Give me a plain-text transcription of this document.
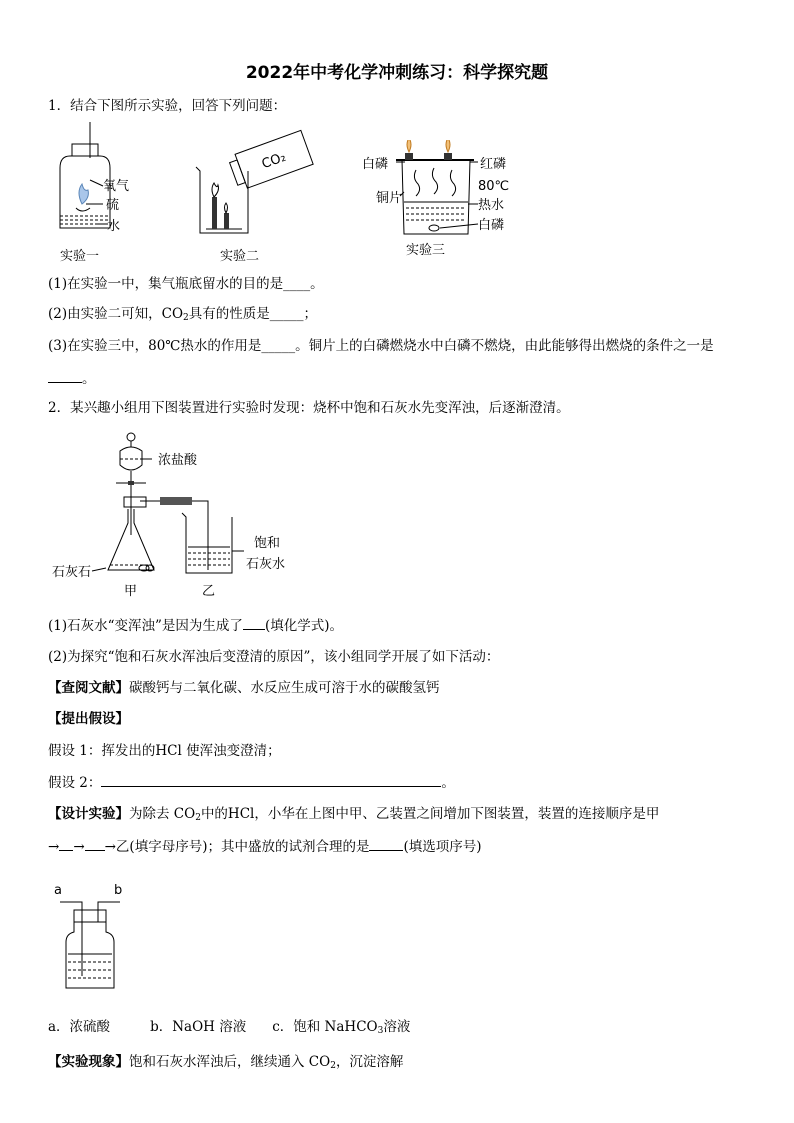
2022年中考化学冲刺练习：科学探究题
1．结合下图所示实验，回答下列问题：
氧气
硫
水
实验一
CO₂
实验二
白磷	红磷
80℃
铜片	热水
白磷
实验三
(1)在实验一中，集气瓶底留水的目的是____。
(2)由实验二可知，$CO_2$具有的性质是_____；
(3)在实验三中，80℃热水的作用是_____。铜片上的白磷燃烧水中白磷不燃烧，由此能够得出燃烧的条件之一是
。
2．某兴趣小组用下图装置进行实验时发现：烧杯中饱和石灰水先变浑浊，后逐渐澄清。
浓盐酸
饱和
石灰水
石灰石
甲	乙
(1)石灰水“变浑浊”是因为生成了 (填化学式)。
(2)为探究“饱和石灰水浑浊后变澄清的原因”，该小组同学开展了如下活动：
【查阅文献】碳酸钙与二氧化碳、水反应生成可溶于水的碳酸氢钙
【提出假设】
假设 1：挥发出的HCl 使浑浊变澄清；
假设 2：	。
【设计实验】为除去 $CO_2$中的HCl，小华在上图中甲、乙装置之间增加下图装置，装置的连接顺序是甲
→ → →乙(填字母序号)；其中盛放的试剂合理的是	(填选项序号)
a	b
a．浓硫酸	b．NaOH 溶液 c．饱和 NaHCO$_3$溶液
【实验现象】饱和石灰水浑浊后，继续通入 $CO_2$，沉淀溶解
